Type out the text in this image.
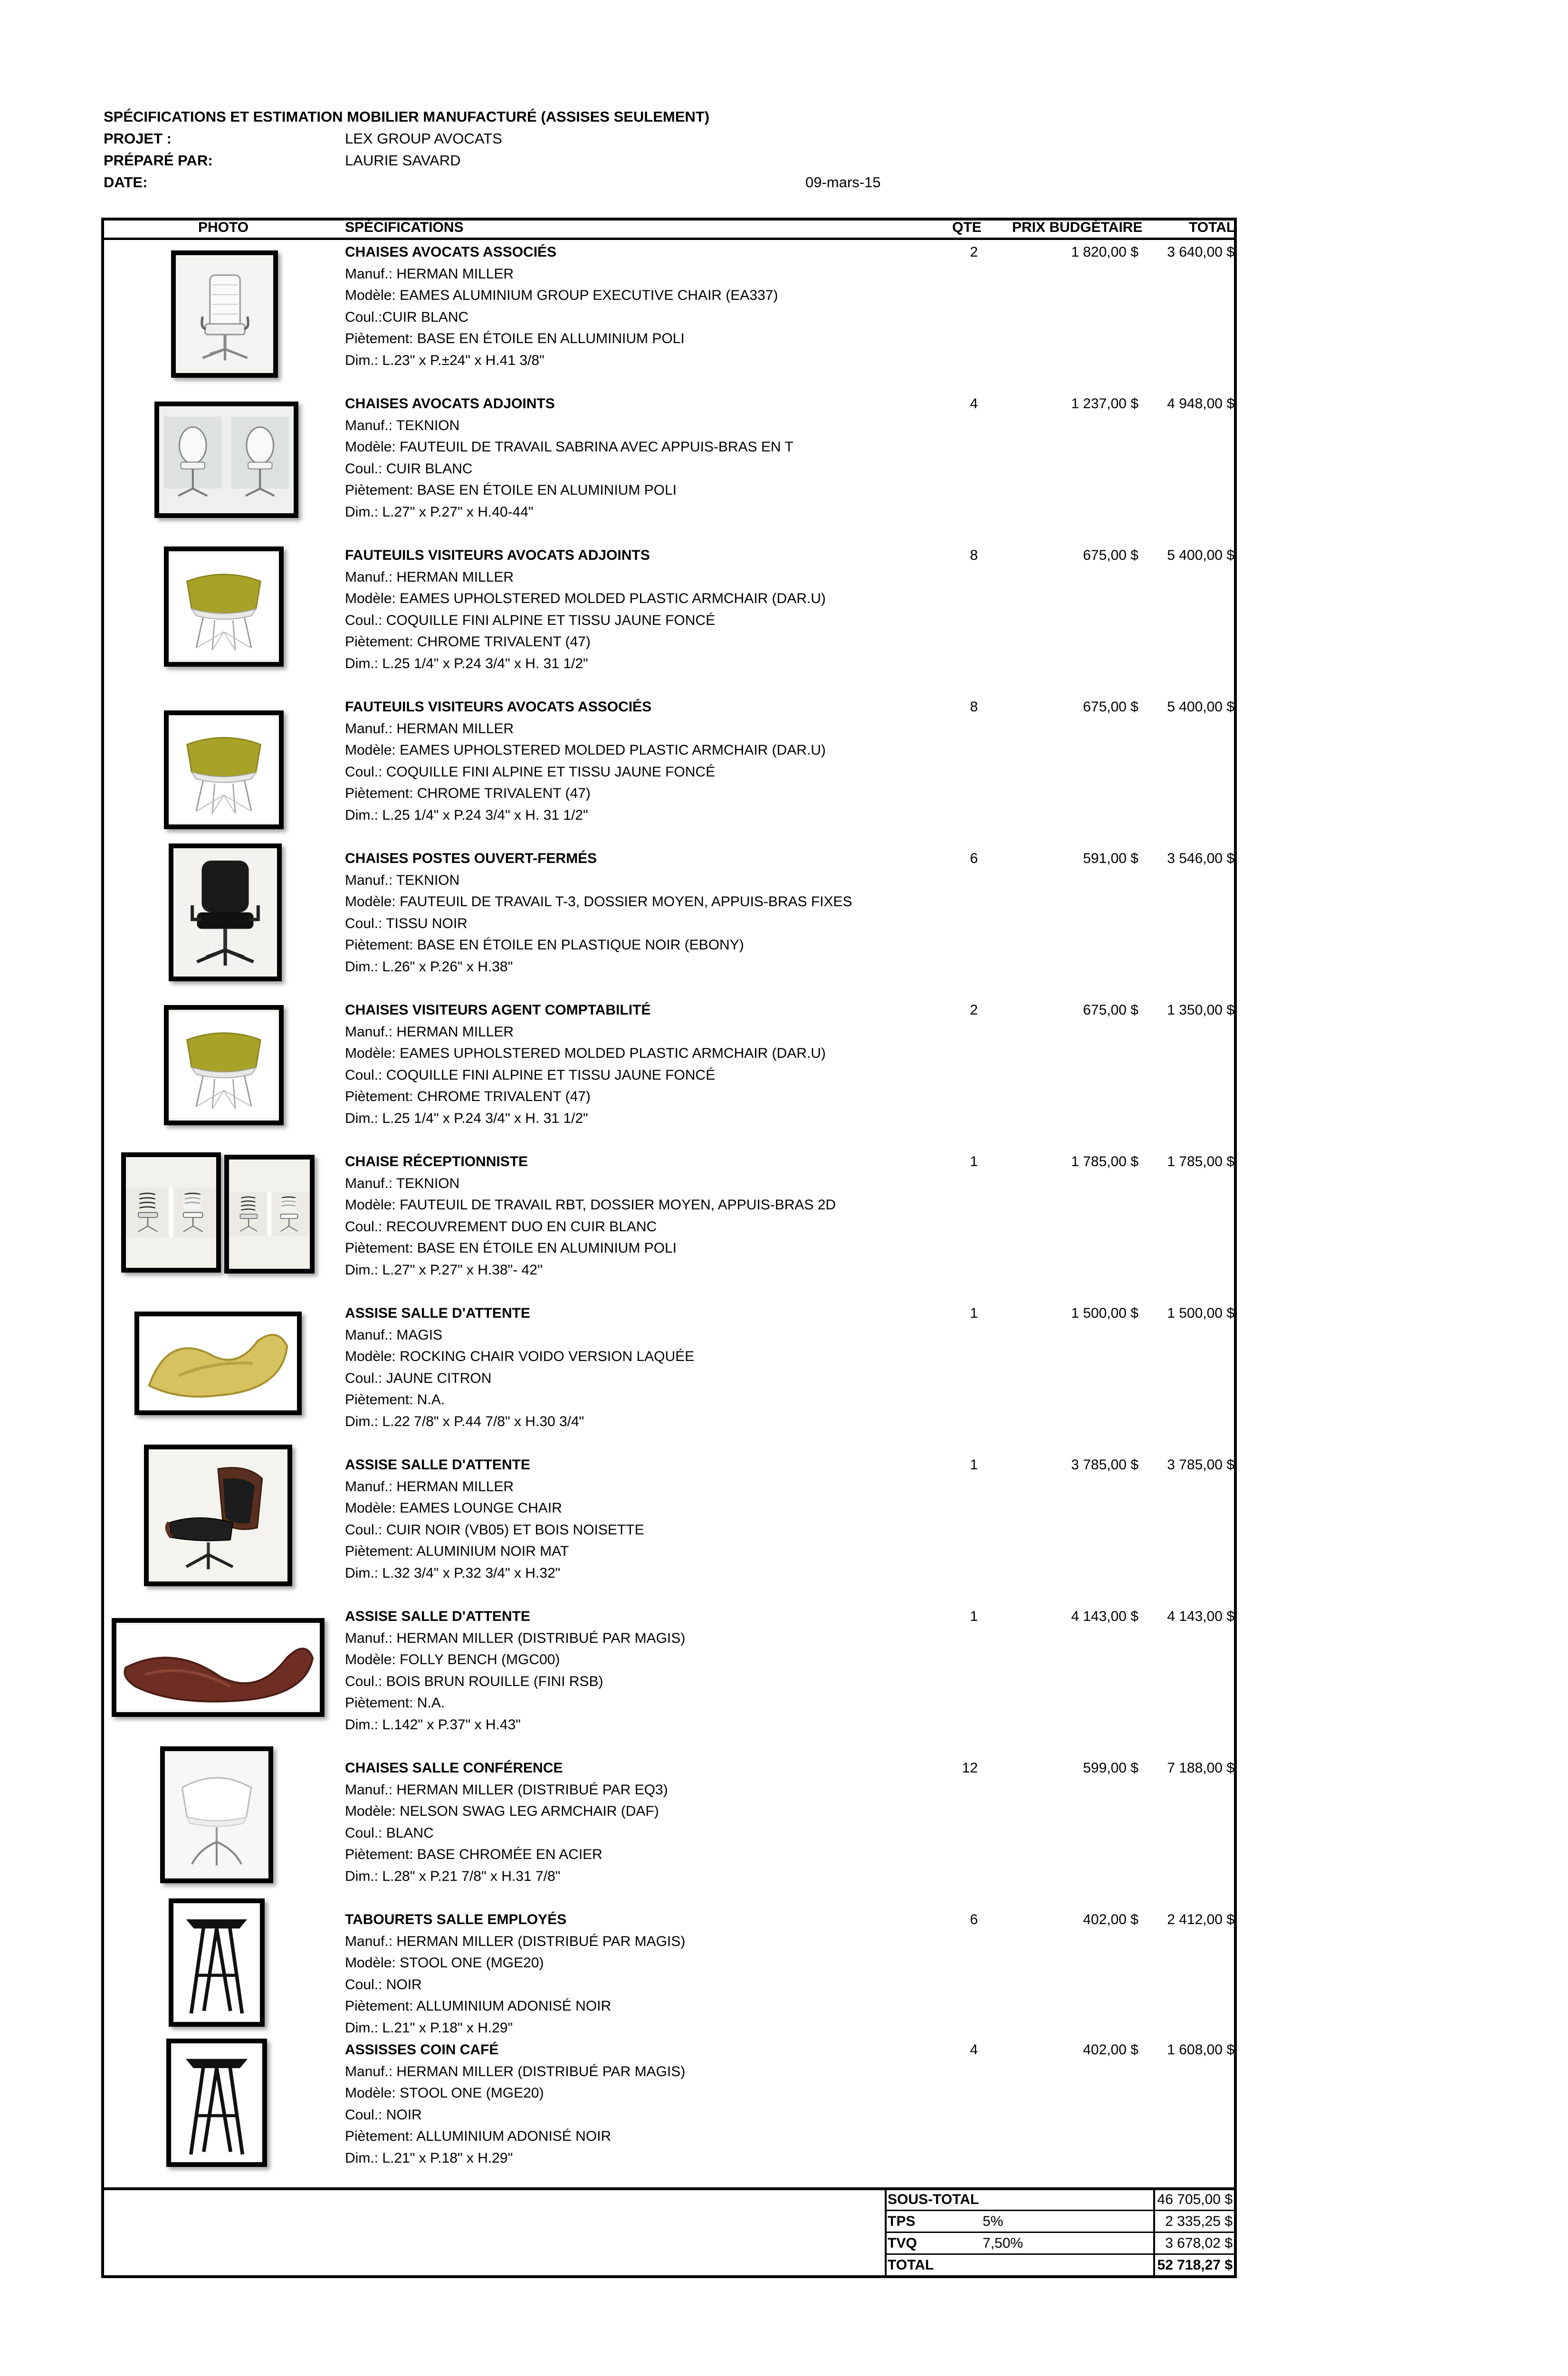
SPÉCIFICATIONS ET ESTIMATION MOBILIER MANUFACTURÉ (ASSISES SEULEMENT)
PROJET :	LEX GROUP AVOCATS
PRÉPARÉ PAR:	LAURIE SAVARD
DATE:	09-mars-15
PHOTO	SPÉCIFICATIONS	QTE PRIX BUDGÉTAIRE	TOTAL
CHAISES AVOCATS ASSOCIÉS
Manuf.: HERMAN MILLER
Modèle: EAMES ALUMINIUM GROUP EXECUTIVE CHAIR (EA337)
Coul.:CUIR BLANC
Piètement: BASE EN ÉTOILE EN ALLUMINIUM POLI
Dim.: L.23" x P.±24" x H.41 3/8"
2	1 820,00 $ 3 640,00 $
CHAISES AVOCATS ADJOINTS
Manuf.: TEKNION
Modèle: FAUTEUIL DE TRAVAIL SABRINA AVEC APPUIS-BRAS EN T
Coul.: CUIR BLANC
Piètement: BASE EN ÉTOILE EN ALUMINIUM POLI
Dim.: L.27" x P.27" x H.40-44"
4	1 237,00 $ 4 948,00 $
FAUTEUILS VISITEURS AVOCATS ADJOINTS
Manuf.: HERMAN MILLER
Modèle: EAMES UPHOLSTERED MOLDED PLASTIC ARMCHAIR (DAR.U)
Coul.: COQUILLE FINI ALPINE ET TISSU JAUNE FONCÉ
Piètement: CHROME TRIVALENT (47)
Dim.: L.25 1/4" x P.24 3/4" x H. 31 1/2"
8	675,00 $ 5 400,00 $
FAUTEUILS VISITEURS AVOCATS ASSOCIÉS
Manuf.: HERMAN MILLER
Modèle: EAMES UPHOLSTERED MOLDED PLASTIC ARMCHAIR (DAR.U)
Coul.: COQUILLE FINI ALPINE ET TISSU JAUNE FONCÉ
Piètement: CHROME TRIVALENT (47)
Dim.: L.25 1/4" x P.24 3/4" x H. 31 1/2"
8	675,00 $ 5 400,00 $
CHAISES POSTES OUVERT-FERMÉS
Manuf.: TEKNION
Modèle: FAUTEUIL DE TRAVAIL T-3, DOSSIER MOYEN, APPUIS-BRAS FIXES
Coul.: TISSU NOIR
Piètement: BASE EN ÉTOILE EN PLASTIQUE NOIR (EBONY)
Dim.: L.26" x P.26" x H.38"
6	591,00 $ 3 546,00 $
CHAISES VISITEURS AGENT COMPTABILITÉ
Manuf.: HERMAN MILLER
Modèle: EAMES UPHOLSTERED MOLDED PLASTIC ARMCHAIR (DAR.U)
Coul.: COQUILLE FINI ALPINE ET TISSU JAUNE FONCÉ
Piètement: CHROME TRIVALENT (47)
Dim.: L.25 1/4" x P.24 3/4" x H. 31 1/2"
2	675,00 $ 1 350,00 $
CHAISE RÉCEPTIONNISTE
Manuf.: TEKNION
Modèle: FAUTEUIL DE TRAVAIL RBT, DOSSIER MOYEN, APPUIS-BRAS 2D
Coul.: RECOUVREMENT DUO EN CUIR BLANC
Piètement: BASE EN ÉTOILE EN ALUMINIUM POLI
Dim.: L.27" x P.27" x H.38"- 42''
1	1 785,00 $ 1 785,00 $
ASSISE SALLE D'ATTENTE
Manuf.: MAGIS
Modèle: ROCKING CHAIR VOIDO VERSION LAQUÉE
Coul.: JAUNE CITRON
Piètement: N.A.
Dim.: L.22 7/8" x P.44 7/8" x H.30 3/4"
1	1 500,00 $ 1 500,00 $
ASSISE SALLE D'ATTENTE
Manuf.: HERMAN MILLER
Modèle: EAMES LOUNGE CHAIR
Coul.: CUIR NOIR (VB05) ET BOIS NOISETTE
Piètement: ALUMINIUM NOIR MAT
Dim.: L.32 3/4" x P.32 3/4" x H.32"
1	3 785,00 $ 3 785,00 $
ASSISE SALLE D'ATTENTE
Manuf.: HERMAN MILLER (DISTRIBUÉ PAR MAGIS)
Modèle: FOLLY BENCH (MGC00)
Coul.: BOIS BRUN ROUILLE (FINI RSB)
Piètement: N.A.
Dim.: L.142" x P.37" x H.43"
1	4 143,00 $ 4 143,00 $
CHAISES SALLE CONFÉRENCE
Manuf.: HERMAN MILLER (DISTRIBUÉ PAR EQ3)
Modèle: NELSON SWAG LEG ARMCHAIR (DAF)
Coul.: BLANC
Piètement: BASE CHROMÉE EN ACIER
Dim.: L.28" x P.21 7/8" x H.31 7/8"
12	599,00 $ 7 188,00 $
TABOURETS SALLE EMPLOYÉS
Manuf.: HERMAN MILLER (DISTRIBUÉ PAR MAGIS)
Modèle: STOOL ONE (MGE20)
Coul.: NOIR
Piètement: ALLUMINIUM ADONISÉ NOIR
Dim.: L.21" x P.18" x H.29"
6	402,00 $ 2 412,00 $
ASSISSES COIN CAFÉ
Manuf.: HERMAN MILLER (DISTRIBUÉ PAR MAGIS)
Modèle: STOOL ONE (MGE20)
Coul.: NOIR
Piètement: ALLUMINIUM ADONISÉ NOIR
Dim.: L.21" x P.18" x H.29"
4	402,00 $ 1 608,00 $
SOUS-TOTAL	46 705,00 $
TPS	5%	2 335,25 $
TVQ	7,50%	3 678,02 $
TOTAL	52 718,27 $
